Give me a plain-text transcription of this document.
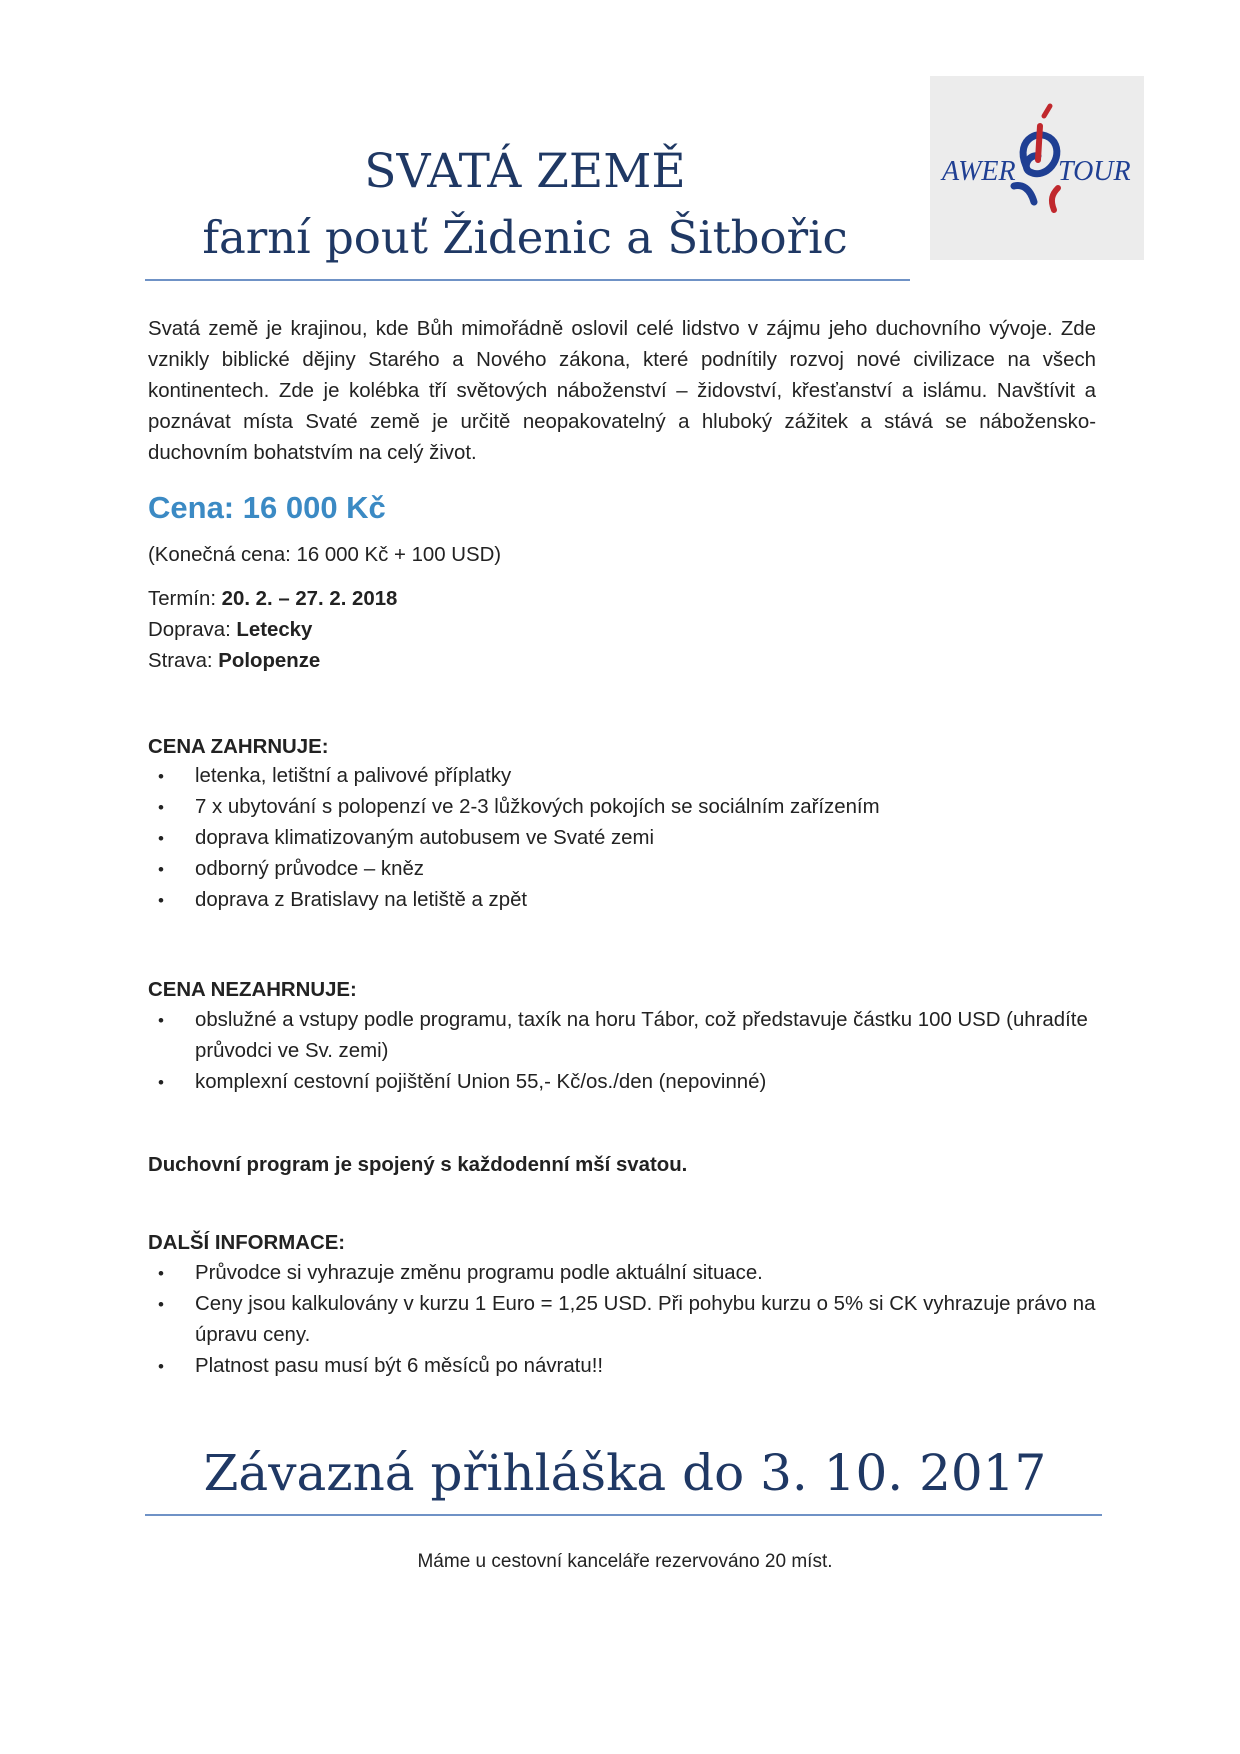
AWER TOUR
SVATÁ ZEMĚ
farní pouť Židenic a Šitbořic

Svatá země je krajinou, kde Bůh mimořádně oslovil celé lidstvo v zájmu jeho duchovního vývoje. Zde vznikly biblické dějiny Starého a Nového zákona, které podnítily rozvoj nové civilizace na všech kontinentech. Zde je kolébka tří světových náboženství – židovství, křesťanství a islámu. Navštívit a poznávat místa Svaté země je určitě neopakovatelný a hluboký zážitek a stává se nábožensko-duchovním bohatstvím na celý život.

Cena: 16 000 Kč

(Konečná cena: 16 000 Kč + 100 USD)

Termín: 20. 2. – 27. 2. 2018

Doprava: Letecky

Strava: Polopenze

CENA ZAHRNUJE:

• letenka, letištní a palivové příplatky
• 7 x ubytování s polopenzí ve 2-3 lůžkových pokojích se sociálním zařízením
• doprava klimatizovaným autobusem ve Svaté zemi
• odborný průvodce – kněz
• doprava z Bratislavy na letiště a zpět

CENA NEZAHRNUJE:

• obslužné a vstupy podle programu, taxík na horu Tábor, což představuje částku 100 USD (uhradíte průvodci ve Sv. zemi)
• komplexní cestovní pojištění Union 55,- Kč/os./den (nepovinné)

Duchovní program je spojený s každodenní mší svatou.

DALŠÍ INFORMACE:

• Průvodce si vyhrazuje změnu programu podle aktuální situace.
• Ceny jsou kalkulovány v kurzu 1 Euro = 1,25 USD. Při pohybu kurzu o 5% si CK vyhrazuje právo na úpravu ceny.
• Platnost pasu musí být 6 měsíců po návratu!!

Závazná přihláška do 3. 10. 2017

Máme u cestovní kanceláře rezervováno 20 míst.
